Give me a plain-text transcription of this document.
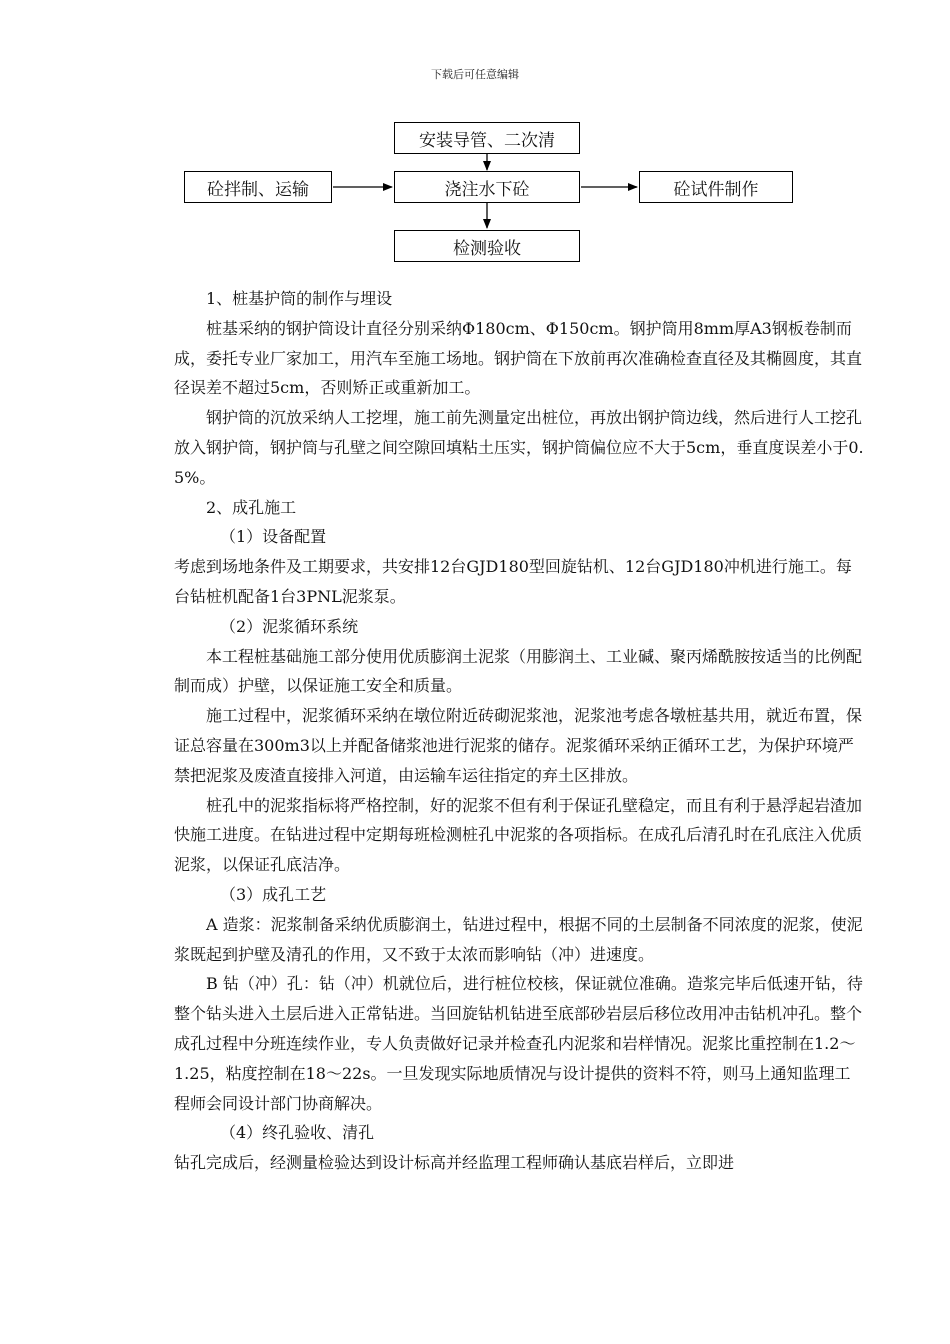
下载后可任意编辑
安装导管、二次清
砼拌制、运输	浇注水下砼	砼试件制作
检测验收

1、桩基护筒的制作与埋设

桩基采纳的钢护筒设计直径分别采纳Φ180cm、Φ150cm。钢护筒用8mm厚A3钢板卷制而成，委托专业厂家加工，用汽车至施工场地。钢护筒在下放前再次准确检查直径及其椭圆度，其直径误差不超过5cm，否则矫正或重新加工。

钢护筒的沉放采纳人工挖埋，施工前先测量定出桩位，再放出钢护筒边线，然后进行人工挖孔放入钢护筒，钢护筒与孔壁之间空隙回填粘土压实，钢护筒偏位应不大于5cm，垂直度误差小于0.5%。

2、成孔施工

（1）设备配置

考虑到场地条件及工期要求，共安排12台GJD180型回旋钻机、12台GJD180冲机进行施工。每台钻桩机配备1台3PNL泥浆泵。

（2）泥浆循环系统

本工程桩基础施工部分使用优质膨润土泥浆（用膨润土、工业碱、聚丙烯酰胺按适当的比例配制而成）护壁，以保证施工安全和质量。

施工过程中，泥浆循环采纳在墩位附近砖砌泥浆池，泥浆池考虑各墩桩基共用，就近布置，保证总容量在300m3以上并配备储浆池进行泥浆的储存。泥浆循环采纳正循环工艺，为保护环境严禁把泥浆及废渣直接排入河道，由运输车运往指定的弃土区排放。

桩孔中的泥浆指标将严格控制，好的泥浆不但有利于保证孔壁稳定，而且有利于悬浮起岩渣加快施工进度。在钻进过程中定期每班检测桩孔中泥浆的各项指标。在成孔后清孔时在孔底注入优质泥浆，以保证孔底洁净。

（3）成孔工艺

A 造浆：泥浆制备采纳优质膨润土，钻进过程中，根据不同的土层制备不同浓度的泥浆，使泥浆既起到护壁及清孔的作用，又不致于太浓而影响钻（冲）进速度。

B 钻（冲）孔：钻（冲）机就位后，进行桩位校核，保证就位准确。造浆完毕后低速开钻，待整个钻头进入土层后进入正常钻进。当回旋钻机钻进至底部砂岩层后移位改用冲击钻机冲孔。整个成孔过程中分班连续作业，专人负责做好记录并检查孔内泥浆和岩样情况。泥浆比重控制在1.2～1.25，粘度控制在18～22s。一旦发现实际地质情况与设计提供的资料不符，则马上通知监理工程师会同设计部门协商解决。

（4）终孔验收、清孔

钻孔完成后，经测量检验达到设计标高并经监理工程师确认基底岩样后，立即进
